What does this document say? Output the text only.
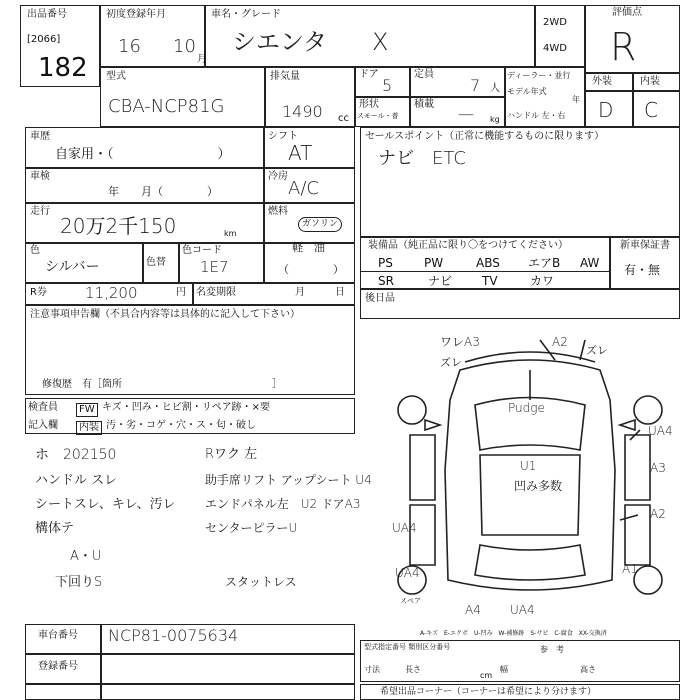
出品番号
[2066]
182
初度登録年月
16 10
月
車名・グレード
シエンタ X
2WD
4WD
評価点
R
型式
CBA-NCP81G
排気量
1490 cc
ドア
5
定員
7 人
形状
スモール・普
積載 — kg
ディーラー・並行
モデル年式
年
ハンドル 左・右
外装	内装
D C
車歴
自家用・（　　　　　　　　）
シフト
AT
車検
年　　月（　　　　）
冷房
A/C
走行
20万2千150	km
燃料
ガソリン
軽　油
（　　　　）
色
シルバー	色替
色コード
1E7
R券	11,200	円 名変期限	月　　　日
注意事項申告欄（不具合内容等は具体的に記入して下さい）
修復歴　有［箇所　　　　　　　　　　　　　　　］
検査員	FW キズ・凹み・ヒビ割・リペア跡・×要
記入欄	内装 汚・劣・コゲ・穴・ス・匂・破し
セールスポイント（正常に機能するものに限ります）
ナビ　ETC
装備品（純正品に限り〇をつけてください）	新車保証書
有・無
PS	PW	ABS エアB AW
SR	ナビ TV	カワ
後日品
U1
凹み多数
A3
A2
UA4
A1
A4 UA4
ワレA3
ズレ
A2
ズレ
UA4
UA4
Pudge
スペア
ホ　202150
ハンドル スレ
シートスレ、キレ、汚レ
構体テ
A・U
下回りS
Rワク 左
助手席リフト アップシート U4
エンドパネル左　U2 ドアA3
センターピラーU
スタットレス
車台番号 NCP81-0075634
登録番号
A-キズ　E-エクボ　U-凹み　W-補修跡　S-サビ　C-腐食　XX-交換済
型式指定番号 類別区分番号	参　考
寸法	長さ	幅	高さ
cm
希望出品コーナー（コーナーは希望により分けます）
